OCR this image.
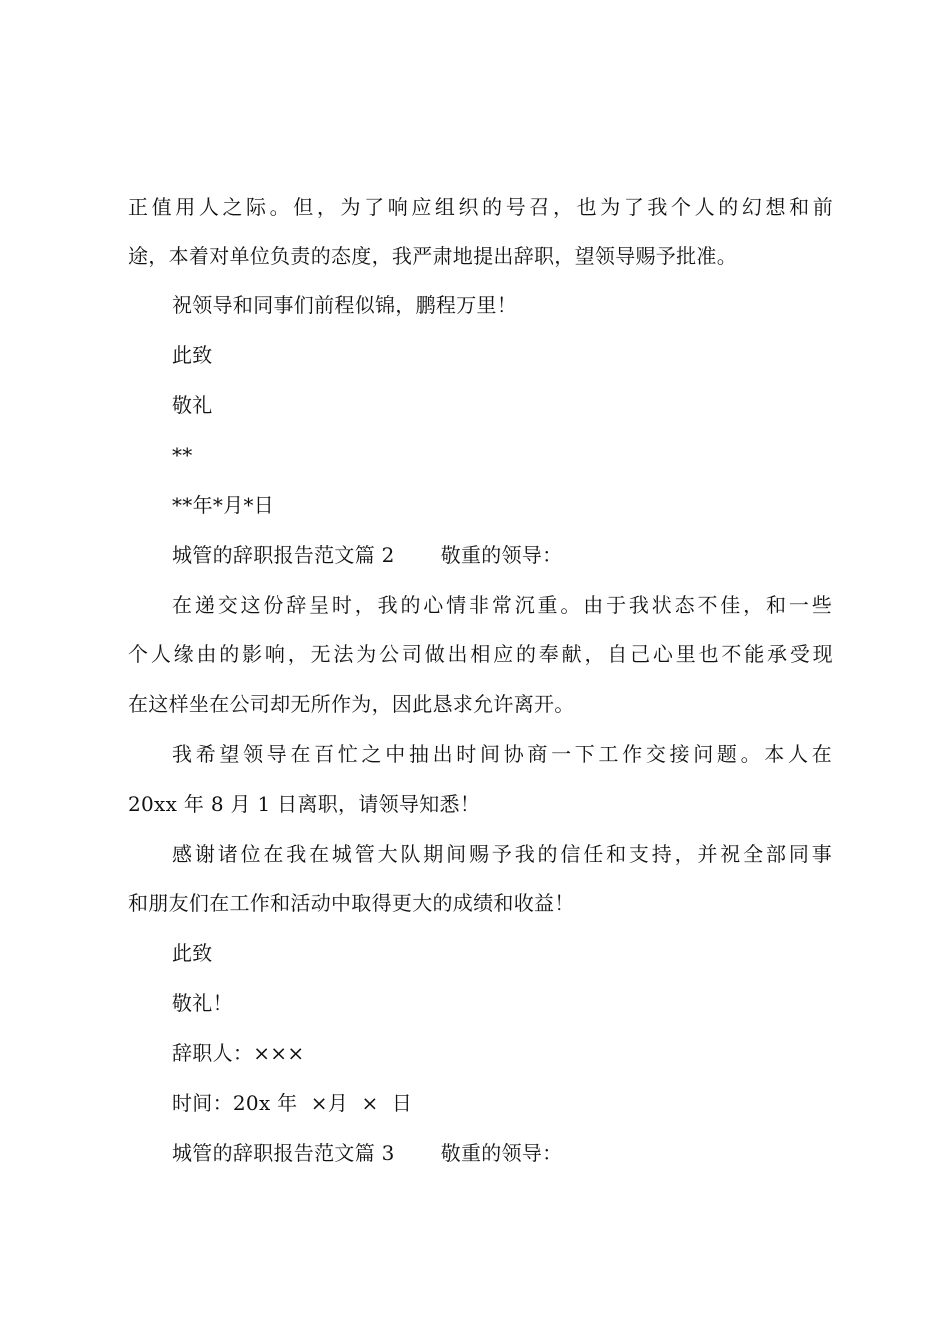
正值用人之际。但，为了响应组织的号召，也为了我个人的幻想和前
途，本着对单位负责的态度，我严肃地提出辞职，望领导赐予批准。
祝领导和同事们前程似锦，鹏程万里！
此致
敬礼
**
**年*月*日
城管的辞职报告范文篇 2 敬重的领导：
在递交这份辞呈时，我的心情非常沉重。由于我状态不佳，和一些
个人缘由的影响，无法为公司做出相应的奉献，自己心里也不能承受现
在这样坐在公司却无所作为，因此恳求允许离开。
我希望领导在百忙之中抽出时间协商一下工作交接问题。本人在
20xx 年 8 月 1 日离职，请领导知悉！
感谢诸位在我在城管大队期间赐予我的信任和支持，并祝全部同事
和朋友们在工作和活动中取得更大的成绩和收益！
此致
敬礼！
辞职人：×××
时间：20x 年  ×月  ×  日
城管的辞职报告范文篇 3 敬重的领导：
